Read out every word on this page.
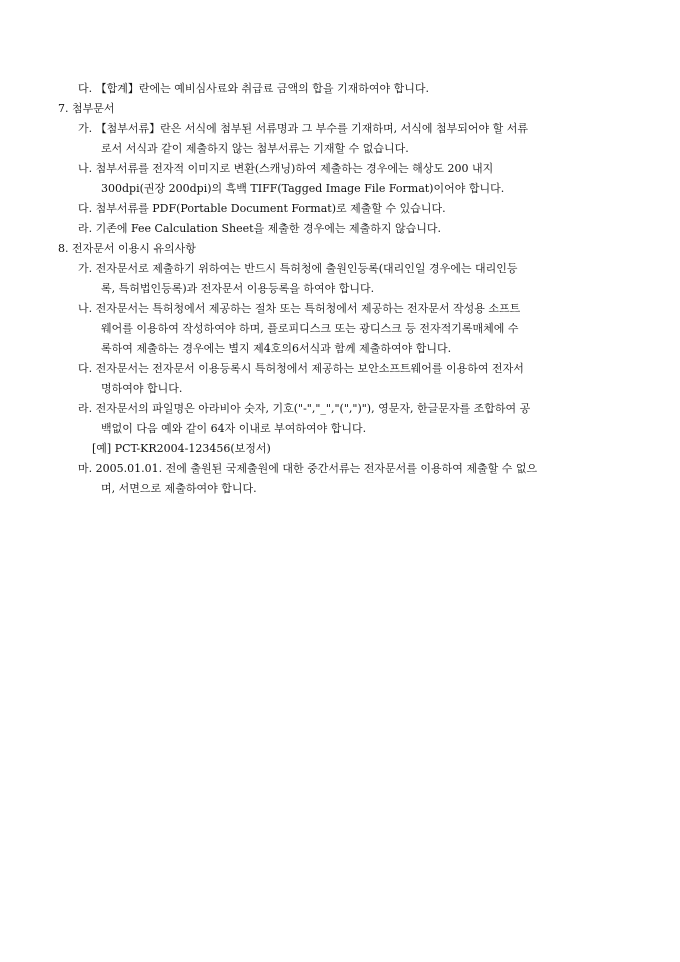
다. 【합계】란에는 예비심사료와 취급료 금액의 합을 기재하여야 합니다.
7. 첨부문서
가. 【첨부서류】란은 서식에 첨부된 서류명과 그 부수를 기재하며, 서식에 첨부되어야 할 서류
로서 서식과 같이 제출하지 않는 첨부서류는 기재할 수 없습니다.
나. 첨부서류를 전자적 이미지로 변환(스캐닝)하여 제출하는 경우에는 해상도 200 내지
300dpi(권장 200dpi)의 흑백 TIFF(Tagged Image File Format)이어야 합니다.
다. 첨부서류를 PDF(Portable Document Format)로 제출할 수 있습니다.
라. 기존에 Fee Calculation Sheet을 제출한 경우에는 제출하지 않습니다.
8. 전자문서 이용시 유의사항
가. 전자문서로 제출하기 위하여는 반드시 특허청에 출원인등록(대리인일 경우에는 대리인등
록, 특허법인등록)과 전자문서 이용등록을 하여야 합니다.
나. 전자문서는 특허청에서 제공하는 절차 또는 특허청에서 제공하는 전자문서 작성용 소프트
웨어를 이용하여 작성하여야 하며, 플로피디스크 또는 광디스크 등 전자적기록매체에 수
록하여 제출하는 경우에는 별지 제4호의6서식과 함께 제출하여야 합니다.
다. 전자문서는 전자문서 이용등록시 특허청에서 제공하는 보안소프트웨어를 이용하여 전자서
명하여야 합니다.
라. 전자문서의 파일명은 아라비아 숫자, 기호("-","_","(",")"), 영문자, 한글문자를 조합하여 공
백없이 다음 예와 같이 64자 이내로 부여하여야 합니다.
[예] PCT-KR2004-123456(보정서)
마. 2005.01.01. 전에 출원된 국제출원에 대한 중간서류는 전자문서를 이용하여 제출할 수 없으
며, 서면으로 제출하여야 합니다.
